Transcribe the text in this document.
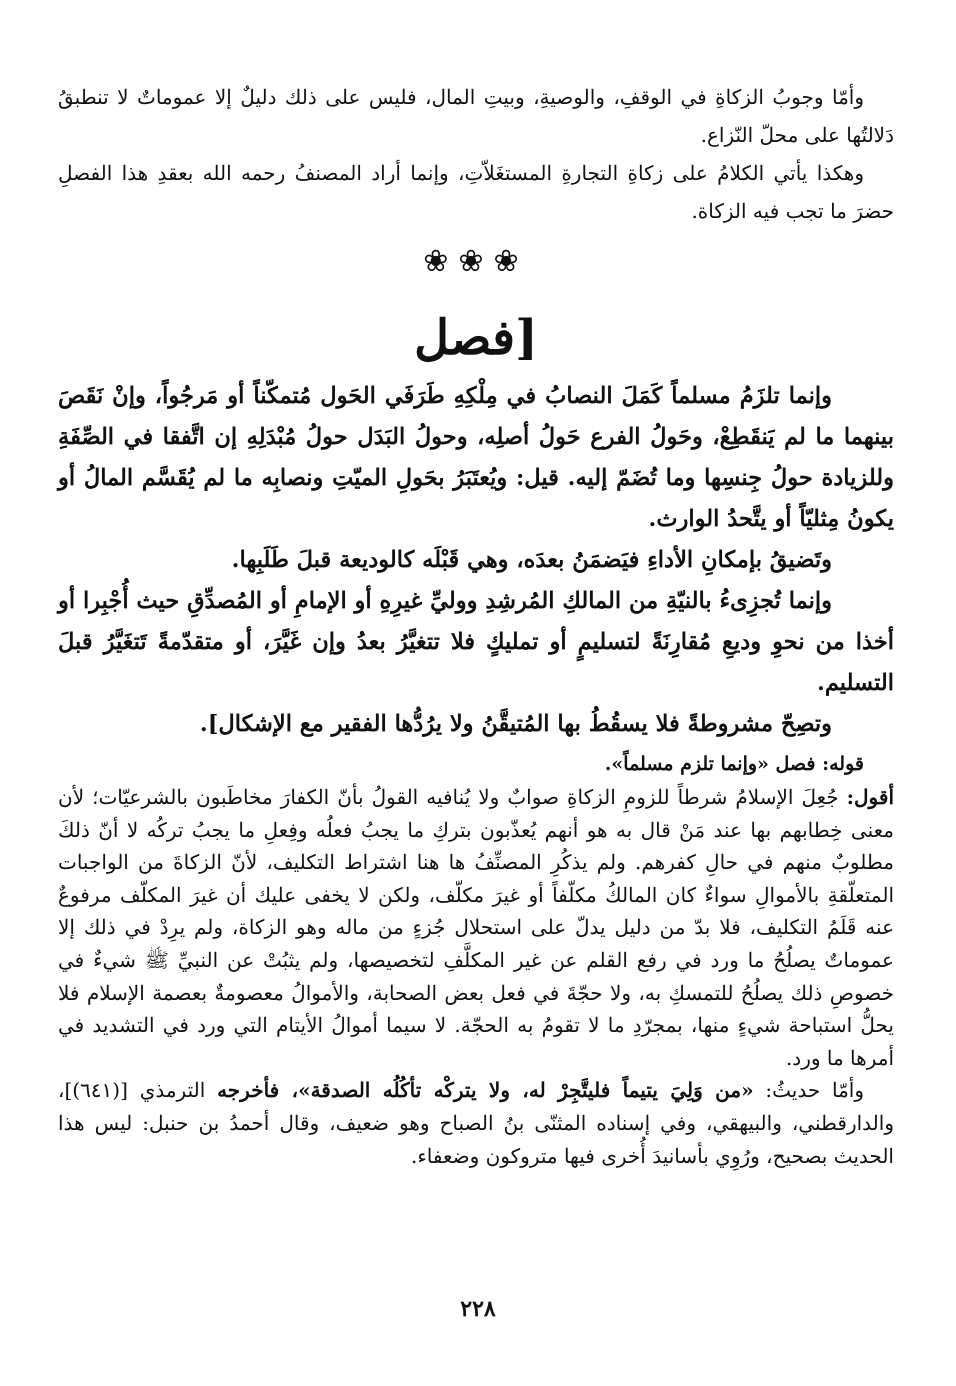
وأمّا وجوبُ الزكاةِ في الوقفِ، والوصيةِ، وبيتِ المال، فليس على ذلك دليلٌ إلا عموماتٌ لا تنطبقُ دَلالتُها على محلّ النّزاع.

وهكذا يأتي الكلامُ على زكاةِ التجارةِ المستغَلاّتِ، وإنما أراد المصنفُ رحمه الله بعقدِ هذا الفصلِ حضرَ ما تجب فيه الزكاة.

❀❀❀
[فصل

وإنما تلزَمُ مسلماً كَمَلَ النصابُ في مِلْكِهِ طَرَفَي الحَول مُتمكّناً أو مَرجُواً، وإنْ نَقَصَ بينهما ما لم يَنقَطِعْ، وحَولُ الفرع حَولُ أصلِه، وحولُ البَدَل حولُ مُبْدَلِهِ إن اتَّفقا في الصِّفَةِ وللزيادة حولُ جِنسِها وما تُضَمّ إليه. قيل: ويُعتَبَرُ بحَولِ الميّتِ ونصابِه ما لم يُقَسَّم المالُ أو يكونُ مِثليّاً أو يتَّحدُ الوارث.

وتَضيقُ بإمكانِ الأداءِ فيَضمَنُ بعدَه، وهي قَبْلَه كالوديعة قبلَ طَلَبِها.

وإنما تُجزِىءُ بالنيّةِ من المالكِ المُرشِدِ ووليِّ غيرِهِ أو الإمامِ أو المُصدِّقِ حيث أُجْبِرا أو أخذا من نحوِ وديعِ مُقارِنَةً لتسليمٍ أو تمليكٍ فلا تتغيَّرُ بعدُ وإن غَيَّرَ، أو متقدّمةً تَتغَيَّرُ قبلَ التسليم.

وتصِحّ مشروطةً فلا يسقُطُ بها المُتيقَّنُ ولا يرُدُّها الفقير مع الإشكال].

قوله: فصل «وإنما تلزم مسلماً».

أقول: جُعِلَ الإسلامُ شرطاً للزومِ الزكاةِ صوابٌ ولا يُنافيه القولُ بأنّ الكفارَ مخاطَبون بالشرعيّات؛ لأن معنى خِطابهم بها عند مَنْ قال به هو أنهم يُعذّبون بتركِ ما يجبُ فعلُه وفِعلِ ما يجبُ تركُه لا أنّ ذلكَ مطلوبٌ منهم في حالِ كفرهم. ولم يذكُرِ المصنِّفُ ها هنا اشتراط التكليف، لأنّ الزكاةَ من الواجبات المتعلّقةِ بالأموالِ سواءٌ كان المالكُ مكلّفاً أو غيرَ مكلّف، ولكن لا يخفى عليك أن غيرَ المكلّف مرفوعٌ عنه قَلَمُ التكليف، فلا بدّ من دليل يدلّ على استحلال جُزءٍ من ماله وهو الزكاة، ولم يرِدْ في ذلك إلا عموماتٌ يصلُحُ ما ورد في رفع القلم عن غير المكلَّفِ لتخصيصها، ولم يثبُتْ عن النبيِّ ﷺ شيءٌ في خصوصِ ذلك يصلُحُ للتمسكِ به، ولا حجّةَ في فعل بعض الصحابة، والأموالُ معصومةٌ بعصمة الإسلام فلا يحلُّ استباحة شيءٍ منها، بمجرّدِ ما لا تقومُ به الحجّة. لا سيما أموالُ الأيتام التي ورد في التشديد في أمرها ما ورد.

وأمّا حديثُ: «من وَلِيَ يتيماً فليتَّجِرْ له، ولا يتركْه تأكُلُه الصدقة»، فأخرجه الترمذي [(٦٤١)]، والدارقطني، والبيهقي، وفي إسناده المثنّى بنُ الصباح وهو ضعيف، وقال أحمدُ بن حنبل: ليس هذا الحديث بصحيح، ورُوِي بأسانيدَ أُخرى فيها متروكون وضعفاء.

٢٢٨
